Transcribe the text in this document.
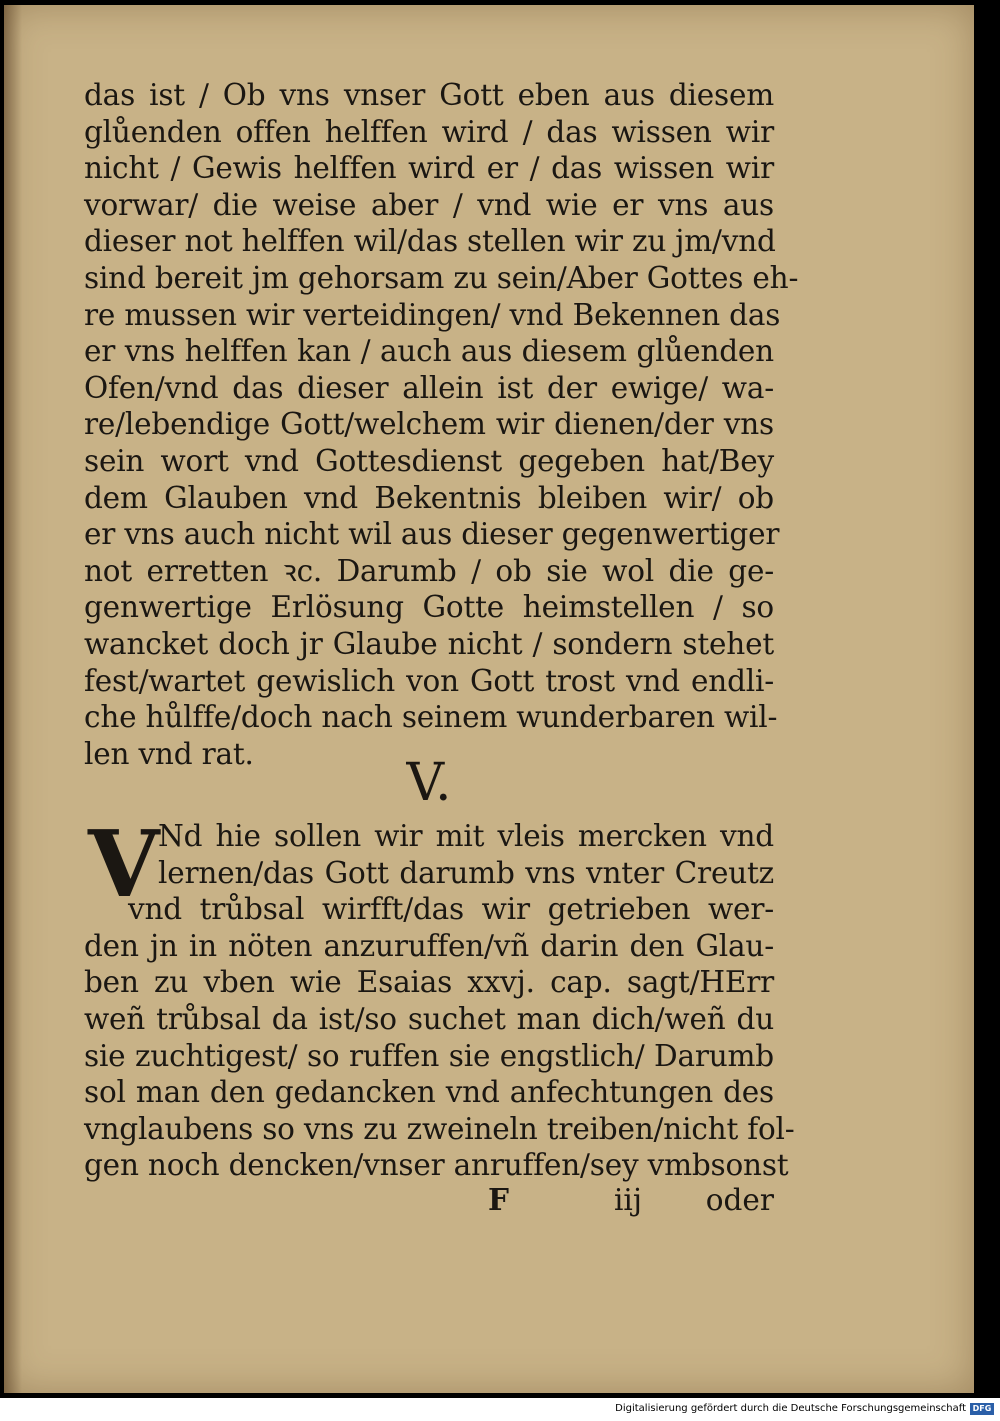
das ist / Ob vns vnser Gott eben aus diesem
glůenden offen helffen wird / das wissen wir
nicht / Gewis helffen wird er / das wissen wir
vorwar/ die weise aber / vnd wie er vns aus
dieser not helffen wil/das stellen wir zu jm/vnd
sind bereit jm gehorsam zu sein/Aber Gottes eh-
re mussen wir verteidingen/ vnd Bekennen das
er vns helffen kan / auch aus diesem glůenden
Ofen/vnd das dieser allein ist der ewige/ wa-
re/lebendige Gott/welchem wir dienen/der vns
sein wort vnd Gottesdienst gegeben hat/Bey
dem Glauben vnd Bekentnis bleiben wir/ ob
er vns auch nicht wil aus dieser gegenwertiger
not erretten ꝛc. Darumb / ob sie wol die ge-
genwertige Erlösung Gotte heimstellen / so
wancket doch jr Glaube nicht / sondern stehet
fest/wartet gewislich von Gott trost vnd endli-
che hůlffe/doch nach seinem wunderbaren wil-
len vnd rat.	V.
V
Nd hie sollen wir mit vleis mercken vnd
lernen/das Gott darumb vns vnter Creutz
vnd trůbsal wirfft/das wir getrieben wer-
den jn in nöten anzuruffen/vñ darin den Glau-
ben zu vben wie Esaias xxvj. cap. sagt/HErr
weñ trůbsal da ist/so suchet man dich/weñ du
sie zuchtigest/ so ruffen sie engstlich/ Darumb
sol man den gedancken vnd anfechtungen des
vnglaubens so vns zu zweineln treiben/nicht fol-
gen noch dencken/vnser anruffen/sey vmbsonst
F	iij oder
Digitalisierung gefördert durch die Deutsche Forschungsgemeinschaft DFG
